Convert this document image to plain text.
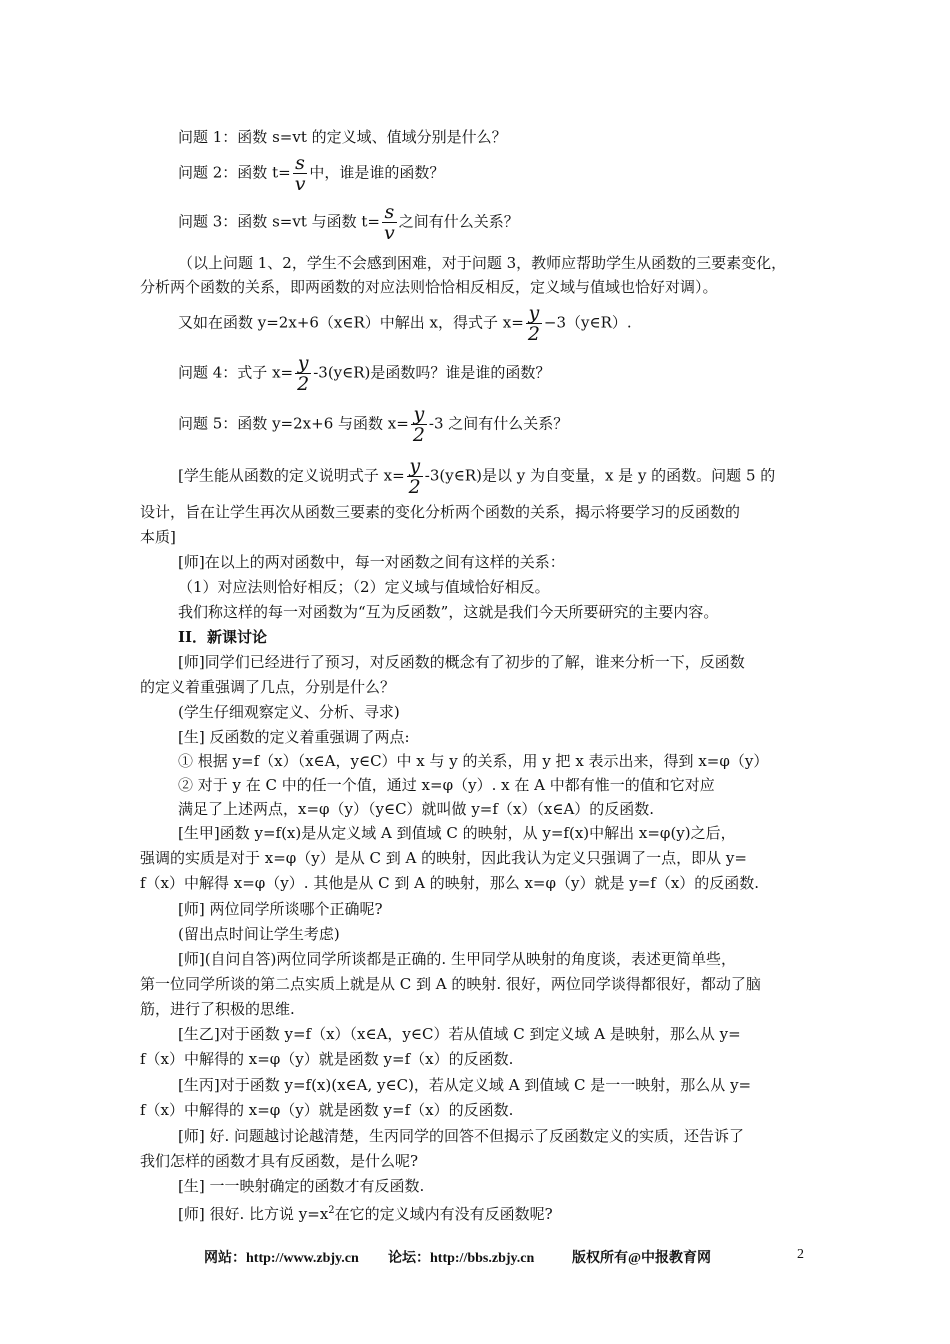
问题 1：函数 s=vt 的定义域、值域分别是什么？
问题 2：函数 $t= \frac{s}{v}$ 中，谁是谁的函数？
问题 3：函数 s=vt 与函数 $t= \frac{s}{v}$ 之间有什么关系？
（以上问题 1、2，学生不会感到困难，对于问题 3，教师应帮助学生从函数的三要素变化，
分析两个函数的关系，即两函数的对应法则恰恰相反相反，定义域与值域也恰好对调）。
又如在函数 y=2x+6（x∈R）中解出 x，得式子 $x= \frac{y}{2}$ −3（y∈R）.
问题 4：式子 $x= \frac{y}{2}$ -3(y∈R)是函数吗？谁是谁的函数？
问题 5：函数 y=2x+6 与函数 $x= \frac{y}{2} -3$ 之间有什么关系？
[学生能从函数的定义说明式子 $x= \frac{y}{2}$ -3(y∈R)是以 y 为自变量，x 是 y 的函数。问题 5 的
设计，旨在让学生再次从函数三要素的变化分析两个函数的关系，揭示将要学习的反函数的
本质]
[师]在以上的两对函数中，每一对函数之间有这样的关系：
（1）对应法则恰好相反；（2）定义域与值域恰好相反。
我们称这样的每一对函数为“互为反函数”，这就是我们今天所要研究的主要内容。
II．新课讨论
[师]同学们已经进行了预习，对反函数的概念有了初步的了解，谁来分析一下，反函数
的定义着重强调了几点，分别是什么？
(学生仔细观察定义、分析、寻求)
[生] 反函数的定义着重强调了两点:
① 根据 y=f（x）（x∈A，y∈C）中 x 与 y 的关系，用 y 把 x 表示出来，得到 x=φ（y）
② 对于 y 在 C 中的任一个值，通过 x=φ（y）. x 在 A 中都有惟一的值和它对应
满足了上述两点，x=φ（y）（y∈C）就叫做 y=f（x）（x∈A）的反函数.
[生甲]函数 y=f(x)是从定义域 A 到值域 C 的映射，从 y=f(x)中解出 x=φ(y)之后，
强调的实质是对于 x=φ（y）是从 C 到 A 的映射，因此我认为定义只强调了一点，即从 y=
f（x）中解得 x=φ（y）. 其他是从 C 到 A 的映射，那么 x=φ（y）就是 y=f（x）的反函数.
[师] 两位同学所谈哪个正确呢?
(留出点时间让学生考虑)
[师](自问自答)两位同学所谈都是正确的. 生甲同学从映射的角度谈，表述更简单些，
第一位同学所谈的第二点实质上就是从 C 到 A 的映射. 很好，两位同学谈得都很好，都动了脑
筋，进行了积极的思维.
[生乙]对于函数 y=f（x）（x∈A，y∈C）若从值域 C 到定义域 A 是映射，那么从 y=
f（x）中解得的 x=φ（y）就是函数 y=f（x）的反函数.
[生丙]对于函数 y=f(x)(x∈A, y∈C)，若从定义域 A 到值域 C 是一一映射，那么从 y=
f（x）中解得的 x=φ（y）就是函数 y=f（x）的反函数.
[师] 好. 问题越讨论越清楚，生丙同学的回答不但揭示了反函数定义的实质，还告诉了
我们怎样的函数才具有反函数，是什么呢?
[生] 一一映射确定的函数才有反函数.
[师] 很好. 比方说 $y=x^2$在它的定义域内有没有反函数呢?
网站：http://www.zbjy.cn 论坛：http://bbs.zbjy.cn	版权所有@中报教育网	2
